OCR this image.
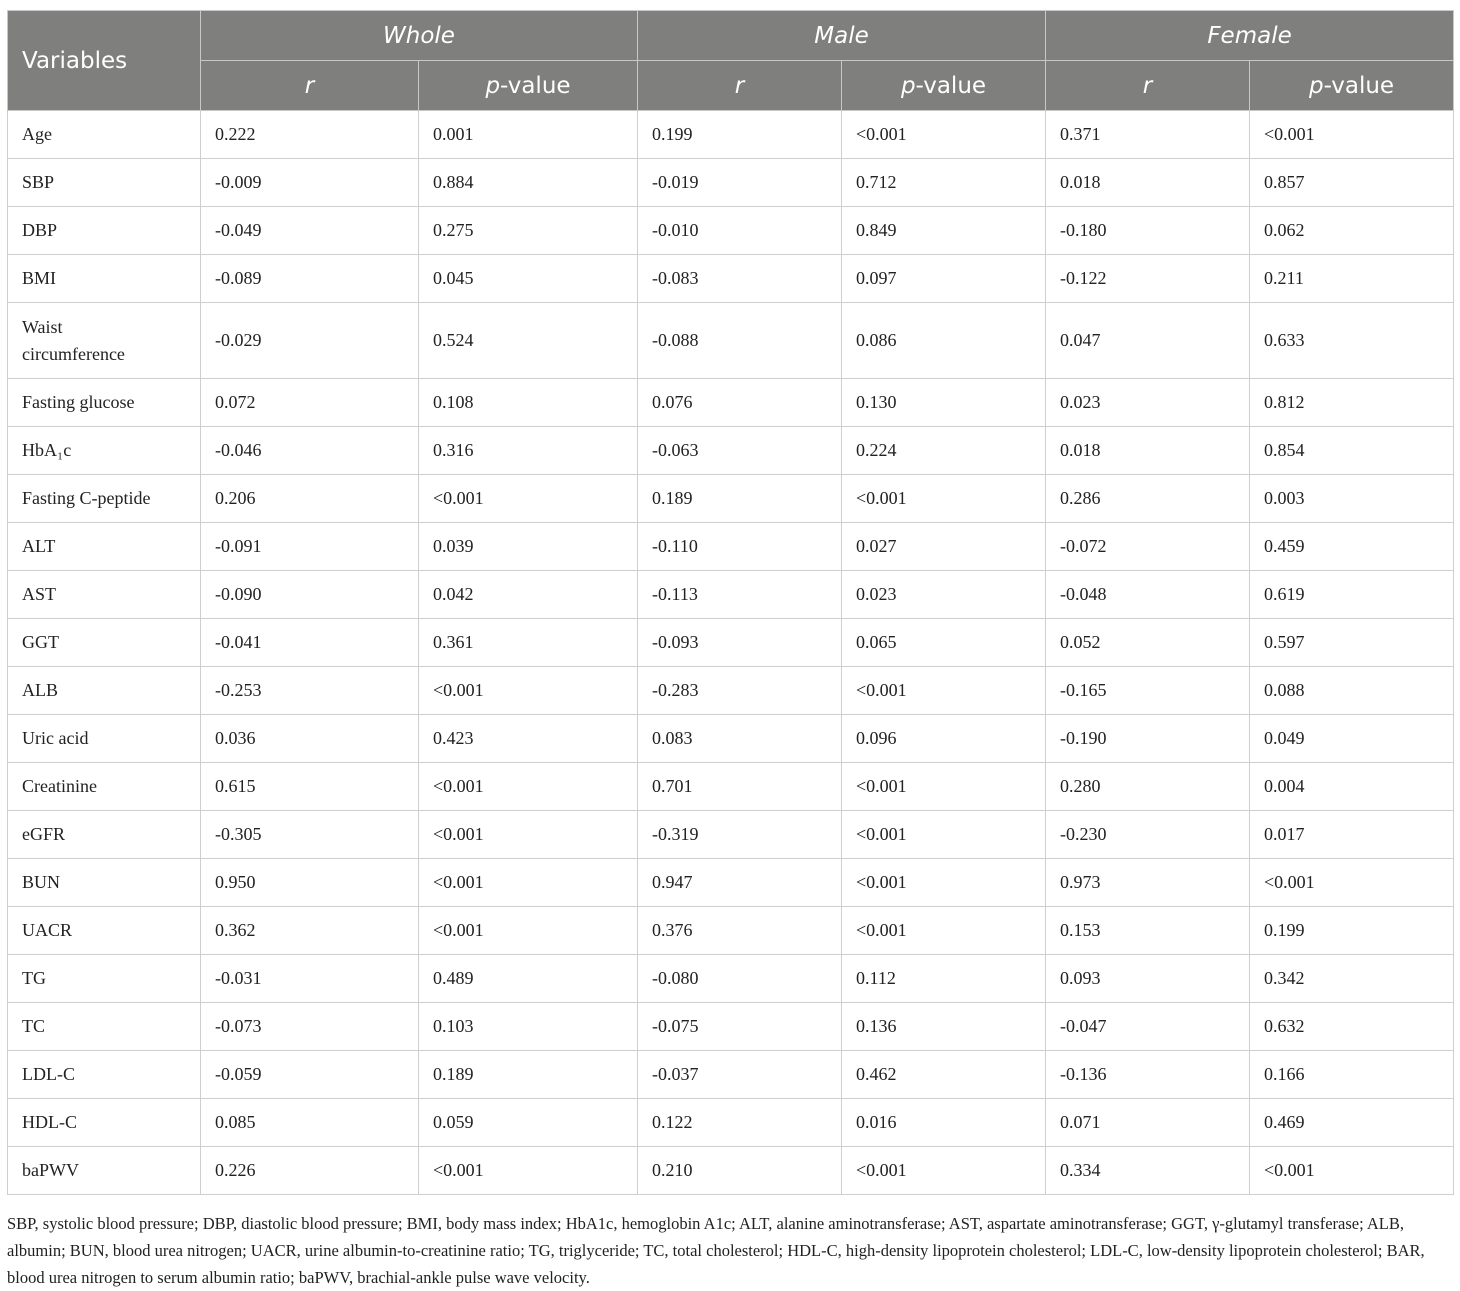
Variables	Whole		Male		Female	
	r	p-value	r	p-value	r	p-value
Age	0.222	0.001	0.199	<0.001	0.371	<0.001
SBP	-0.009	0.884	-0.019	0.712	0.018	0.857
DBP	-0.049	0.275	-0.010	0.849	-0.180	0.062
BMI	-0.089	0.045	-0.083	0.097	-0.122	0.211
Waist circumference	-0.029	0.524	-0.088	0.086	0.047	0.633
Fasting glucose	0.072	0.108	0.076	0.130	0.023	0.812
HbA₁c	-0.046	0.316	-0.063	0.224	0.018	0.854
Fasting C-peptide	0.206	<0.001	0.189	<0.001	0.286	0.003
ALT	-0.091	0.039	-0.110	0.027	-0.072	0.459
AST	-0.090	0.042	-0.113	0.023	-0.048	0.619
GGT	-0.041	0.361	-0.093	0.065	0.052	0.597
ALB	-0.253	<0.001	-0.283	<0.001	-0.165	0.088
Uric acid	0.036	0.423	0.083	0.096	-0.190	0.049
Creatinine	0.615	<0.001	0.701	<0.001	0.280	0.004
eGFR	-0.305	<0.001	-0.319	<0.001	-0.230	0.017
BUN	0.950	<0.001	0.947	<0.001	0.973	<0.001
UACR	0.362	<0.001	0.376	<0.001	0.153	0.199
TG	-0.031	0.489	-0.080	0.112	0.093	0.342
TC	-0.073	0.103	-0.075	0.136	-0.047	0.632
LDL-C	-0.059	0.189	-0.037	0.462	-0.136	0.166
HDL-C	0.085	0.059	0.122	0.016	0.071	0.469
baPWV	0.226	<0.001	0.210	<0.001	0.334	<0.001
SBP, systolic blood pressure; DBP, diastolic blood pressure; BMI, body mass index; HbA1c, hemoglobin A1c; ALT, alanine aminotransferase; AST, aspartate aminotransferase; GGT, γ-glutamyl transferase; ALB, albumin; BUN, blood urea nitrogen; UACR, urine albumin-to-creatinine ratio; TG, triglyceride; TC, total cholesterol; HDL-C, high-density lipoprotein cholesterol; LDL-C, low-density lipoprotein cholesterol; BAR, blood urea nitrogen to serum albumin ratio; baPWV, brachial-ankle pulse wave velocity.
